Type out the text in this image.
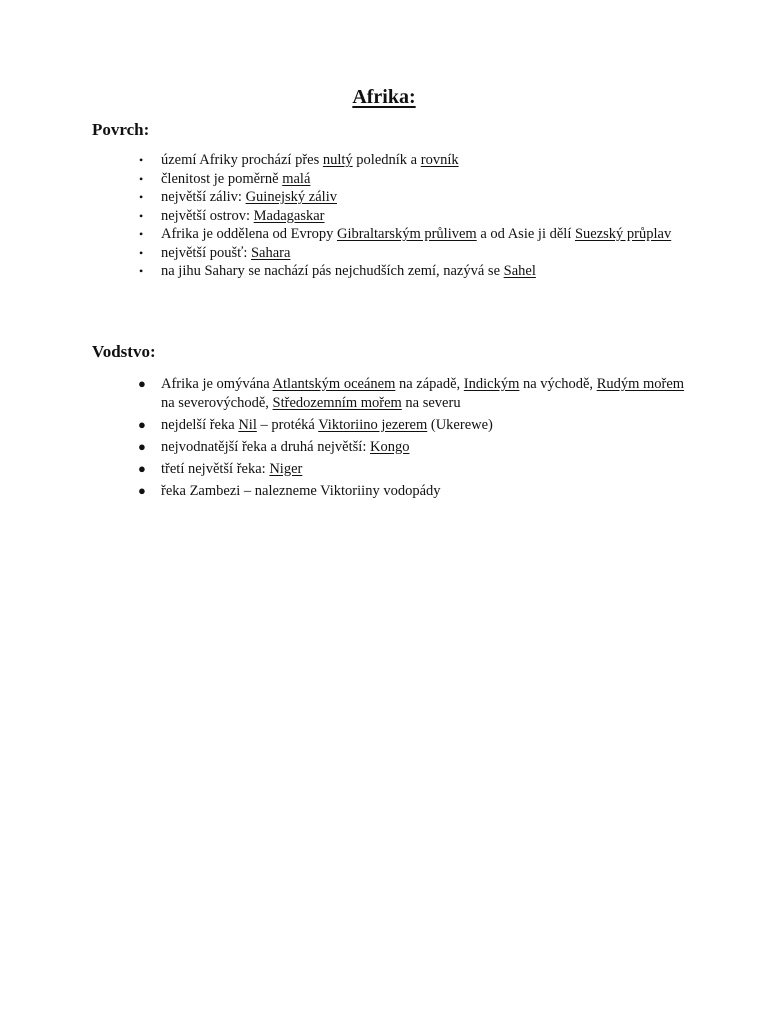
Afrika:
Povrch:
• území Afriky prochází přes nultý poledník a rovník
• členitost je poměrně malá
• největší záliv: Guinejský záliv
• největší ostrov: Madagaskar
• Afrika je oddělena od Evropy Gibraltarským průlivem a od Asie ji dělí Suezský průplav
• největší poušť: Sahara
• na jihu Sahary se nachází pás nejchudších zemí, nazývá se Sahel
Vodstvo:
● Afrika je omývána Atlantským oceánem na západě, Indickým na východě, Rudým mořem na severovýchodě, Středozemním mořem na severu
● nejdelší řeka Nil – protéká Viktoriino jezerem (Ukerewe)
● nejvodnatější řeka a druhá největší: Kongo
● třetí největší řeka: Niger
● řeka Zambezi – nalezneme Viktoriiny vodopády
